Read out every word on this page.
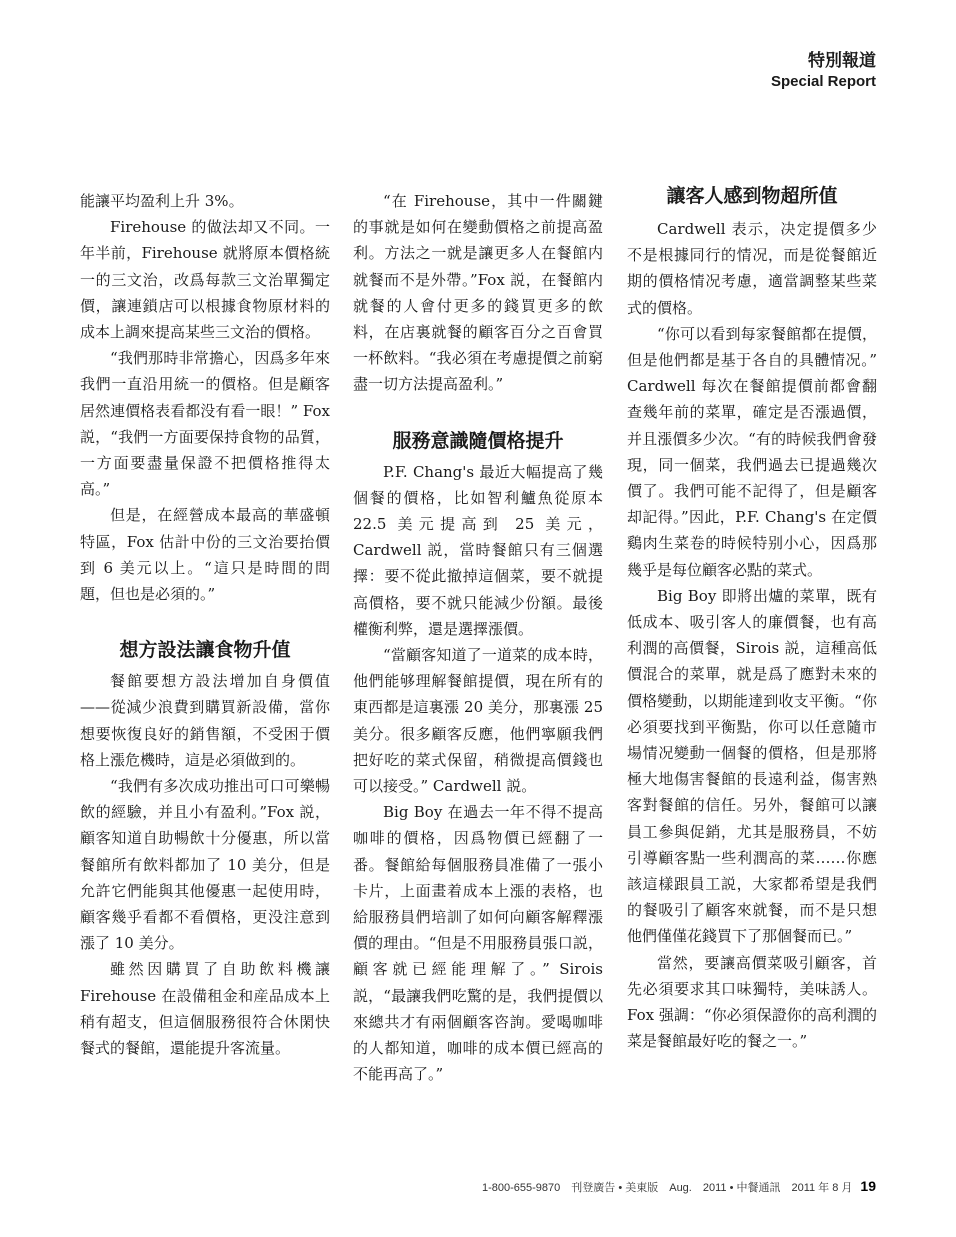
特別報道
Special Report

能讓平均盈利上升 3%。

Firehouse 的做法却又不同。一年半前，Firehouse 就將原本價格統一的三文治，改爲每款三文治單獨定價，讓連鎖店可以根據食物原材料的成本上調來提高某些三文治的價格。

“我們那時非常擔心，因爲多年來我們一直沿用統一的價格。但是顧客居然連價格表看都没有看一眼！” Fox 説，“我們一方面要保持食物的品質，一方面要盡量保證不把價格推得太高。”

但是，在經營成本最高的華盛頓特區，Fox 估計中份的三文治要抬價到 6 美元以上。“這只是時間的問題，但也是必須的。”

想方設法讓食物升值

餐館要想方設法增加自身價值——從減少浪費到購買新設備，當你想要恢復良好的銷售額，不受困于價格上漲危機時，這是必須做到的。

“我們有多次成功推出可口可樂暢飲的經驗，并且小有盈利。”Fox 説，顧客知道自助暢飲十分優惠，所以當餐館所有飲料都加了 10 美分，但是允許它們能與其他優惠一起使用時，顧客幾乎看都不看價格，更没注意到漲了 10 美分。

雖然因購買了自助飲料機讓 Firehouse 在設備租金和産品成本上稍有超支，但這個服務很符合休閑快餐式的餐館，還能提升客流量。

“在 Firehouse，其中一件關鍵的事就是如何在變動價格之前提高盈利。方法之一就是讓更多人在餐館内就餐而不是外帶。”Fox 説，在餐館内就餐的人會付更多的錢買更多的飲料，在店裏就餐的顧客百分之百會買一杯飲料。“我必須在考慮提價之前窮盡一切方法提高盈利。”

服務意識隨價格提升

P.F. Chang's 最近大幅提高了幾個餐的價格，比如智利鱸魚從原本 22.5 美元提高到 25 美元，Cardwell 説，當時餐館只有三個選擇：要不從此撤掉這個菜，要不就提高價格，要不就只能減少份額。最後權衡利弊，還是選擇漲價。

“當顧客知道了一道菜的成本時，他們能够理解餐館提價，現在所有的東西都是這裏漲 20 美分，那裏漲 25 美分。很多顧客反應，他們寧願我們把好吃的菜式保留，稍微提高價錢也可以接受。” Cardwell 説。

Big Boy 在過去一年不得不提高咖啡的價格，因爲物價已經翻了一番。餐館給每個服務員准備了一張小卡片，上面畫着成本上漲的表格，也給服務員們培訓了如何向顧客解釋漲價的理由。“但是不用服務員張口説，顧客就已經能理解了。” Sirois 説，“最讓我們吃驚的是，我們提價以來總共才有兩個顧客咨詢。愛喝咖啡的人都知道，咖啡的成本價已經高的不能再高了。”

讓客人感到物超所值

Cardwell 表示，决定提價多少不是根據同行的情况，而是從餐館近期的價格情况考慮，適當調整某些菜式的價格。

“你可以看到每家餐館都在提價，但是他們都是基于各自的具體情况。” Cardwell 每次在餐館提價前都會翻查幾年前的菜單，確定是否漲過價，并且漲價多少次。“有的時候我們會發現，同一個菜，我們過去已提過幾次價了。我們可能不記得了，但是顧客却記得。”因此，P.F. Chang's 在定價鷄肉生菜卷的時候特别小心，因爲那幾乎是每位顧客必點的菜式。

Big Boy 即將出爐的菜單，既有低成本、吸引客人的廉價餐，也有高利潤的高價餐，Sirois 説，這種高低價混合的菜單，就是爲了應對未來的價格變動，以期能達到收支平衡。“你必須要找到平衡點，你可以任意隨市場情况變動一個餐的價格，但是那將極大地傷害餐館的長遠利益，傷害熟客對餐館的信任。另外，餐館可以讓員工參與促銷，尤其是服務員，不妨引導顧客點一些利潤高的菜……你應該這樣跟員工説，大家都希望是我們的餐吸引了顧客來就餐，而不是只想他們僅僅花錢買下了那個餐而已。”

當然，要讓高價菜吸引顧客，首先必須要求其口味獨特，美味誘人。Fox 强調：“你必須保證你的高利潤的菜是餐館最好吃的餐之一。”

1-800-655-9870　刊登廣告 • 美東版　Aug.　2011 • 中餐通訊　2011 年 8 月 19
